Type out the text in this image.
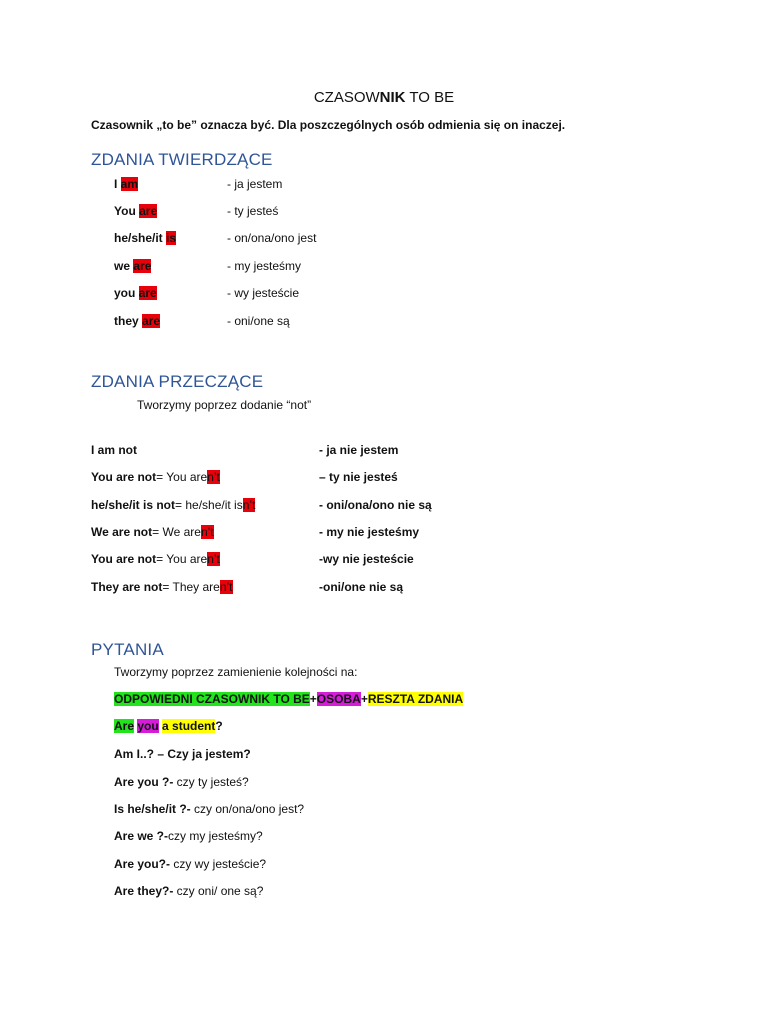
CZASOWNIK TO BE
Czasownik „to be” oznacza być. Dla poszczególnych osób odmienia się on inaczej.
ZDANIA TWIERDZĄCE
I am	- ja jestem
You are	- ty jesteś
he/she/it is	- on/ona/ono jest
we are	- my jesteśmy
you are	- wy jesteście
they are	- oni/one są
ZDANIA PRZECZĄCE
Tworzymy poprzez dodanie “not”
I am not	- ja nie jestem
You are not= You aren’t	– ty nie jesteś
he/she/it is not= he/she/it isn’t	- oni/ona/ono nie są
We are not= We aren’t	- my nie jesteśmy
You are not= You aren’t	-wy nie jesteście
They are not= They aren’t	-oni/one nie są
PYTANIA
Tworzymy poprzez zamienienie kolejności na:
ODPOWIEDNI CZASOWNIK TO BE+OSOBA+RESZTA ZDANIA
Are you a student?
Am I..? – Czy ja jestem?
Are you ?- czy ty jesteś?
Is he/she/it ?- czy on/ona/ono jest?
Are we ?-czy my jesteśmy?
Are you?- czy wy jesteście?
Are they?- czy oni/ one są?
